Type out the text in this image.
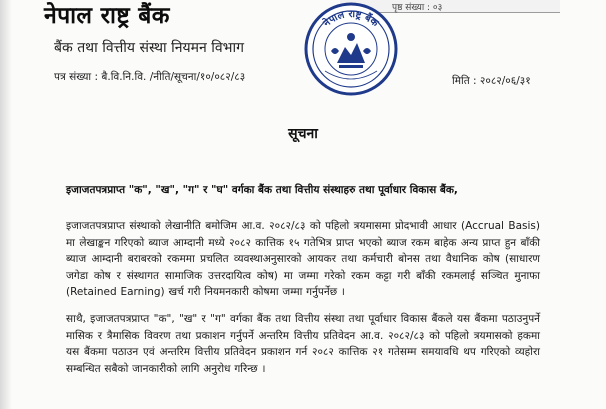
पृष्ठ संख्या : ०३
नेपाल राष्ट्र बैंक
बैंक तथा वित्तीय संस्था नियमन विभाग
पत्र संख्या : बै.वि.नि.वि. /नीति/सूचना/१०/०८२/८३	मिति : २०८२/०६/३१
नेपाल राष्ट्र बैंक
सूचना
इजाजतपत्रप्राप्त "क", "ख", "ग" र "घ" वर्गका बैंक तथा वित्तीय संस्थाहरु तथा पूर्वाधार विकास बैंक,
इजाजतपत्रप्राप्त संस्थाको लेखानीति बमोजिम आ.व. २०८२/८३ को पहिलो त्रयमासमा प्रोदभावी आधार (Accrual Basis) मा लेखाङ्कन गरिएको ब्याज आम्दानी मध्ये २०८२ कात्तिक १५ गतेभित्र प्राप्त भएको ब्याज रकम बाहेक अन्य प्राप्त हुन बाँकी ब्याज आम्दानी बराबरको रकममा प्रचलित व्यवस्थाअनुसारको आयकर तथा कर्मचारी बोनस तथा वैधानिक कोष (साधारण जगेडा कोष र संस्थागत सामाजिक उत्तरदायित्व कोष) मा जम्मा गरेको रकम कट्टा गरी बाँकी रकमलाई सञ्चित मुनाफा (Retained Earning) खर्च गरी नियमनकारी कोषमा जम्मा गर्नुपर्नेछ ।
साथै, इजाजतपत्रप्राप्त "क", "ख" र "ग" वर्गका बैंक तथा वित्तीय संस्था तथा पूर्वाधार विकास बैंकले यस बैंकमा पठाउनुपर्ने मासिक र त्रैमासिक विवरण तथा प्रकाशन गर्नुपर्ने अन्तरिम वित्तीय प्रतिवेदन आ.व. २०८२/८३ को पहिलो त्रयमासको हकमा यस बैंकमा पठाउन एवं अन्तरिम वित्तीय प्रतिवेदन प्रकाशन गर्न २०८२ कात्तिक २१ गतेसम्म समयावधि थप गरिएको व्यहोरा सम्बन्धित सबैको जानकारीको लागि अनुरोध गरिन्छ ।
